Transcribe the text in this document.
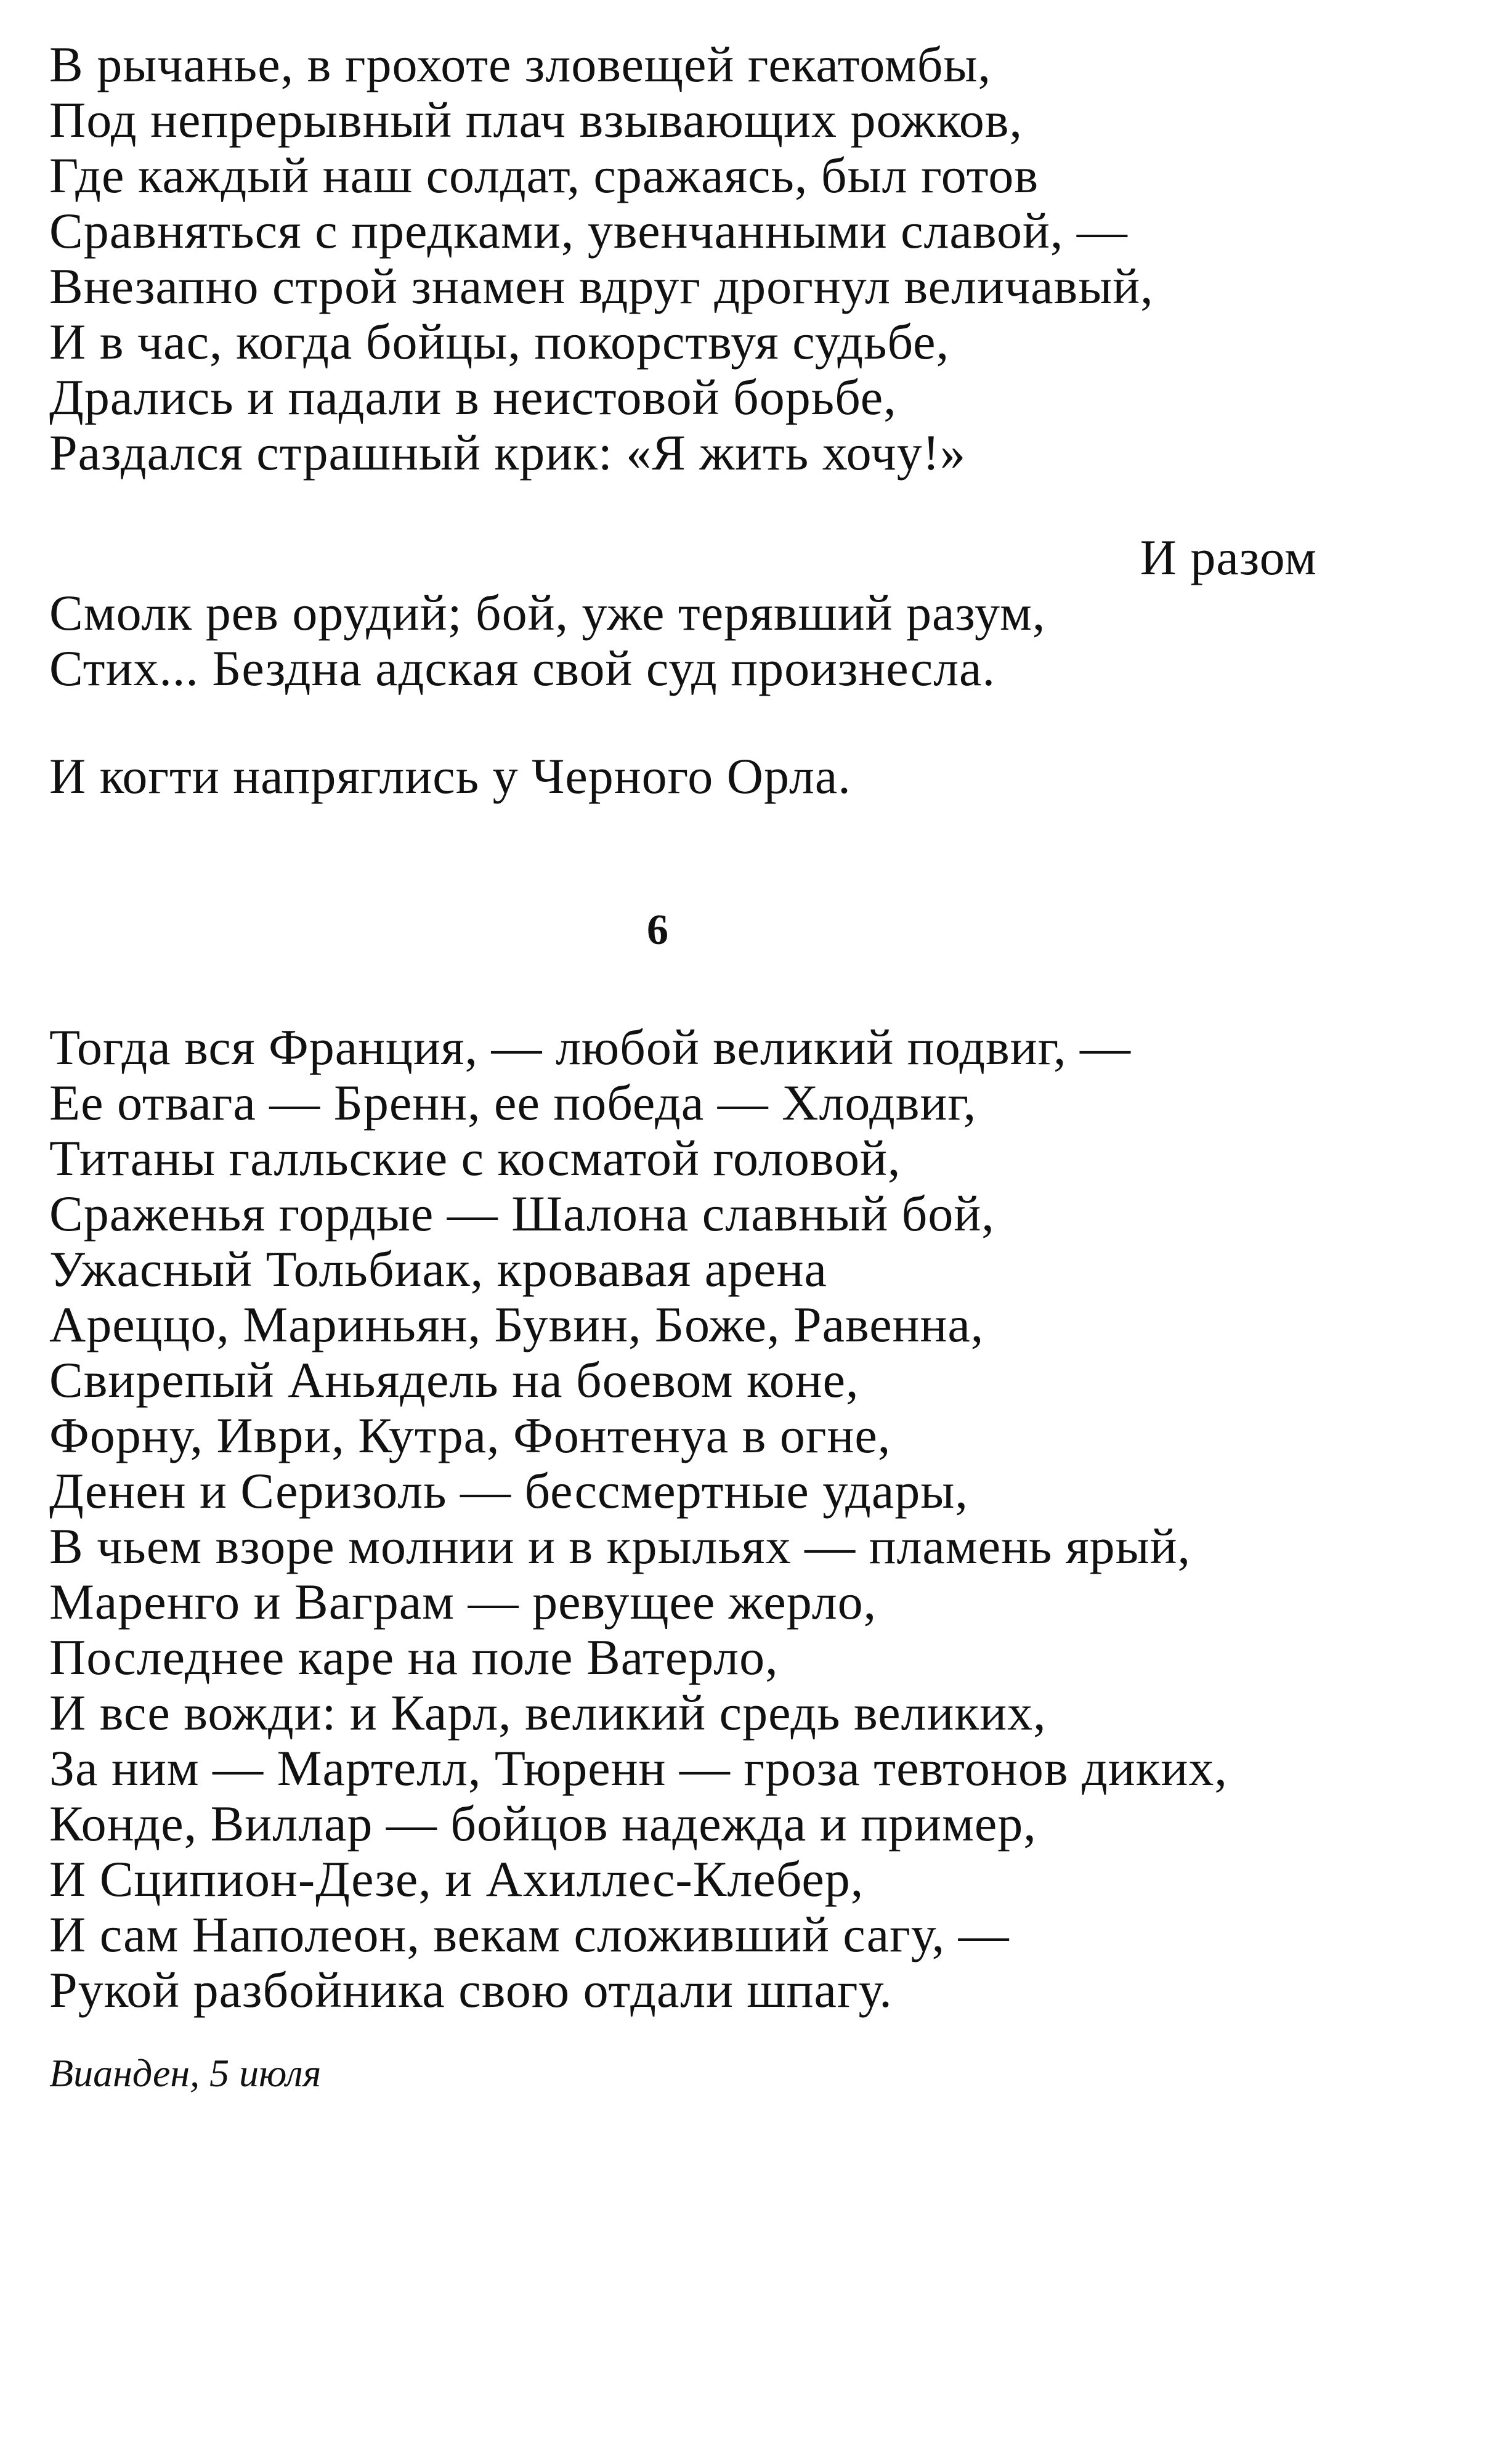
В рычанье, в грохоте зловещей гекатомбы,
Под непрерывный плач взывающих рожков,
Где каждый наш солдат, сражаясь, был готов
Сравняться с предками, увенчанными славой, —
Внезапно строй знамен вдруг дрогнул величавый,
И в час, когда бойцы, покорствуя судьбе,
Дрались и падали в неистовой борьбе,
Раздался страшный крик: «Я жить хочу!»
И разом
Смолк рев орудий; бой, уже терявший разум,
Стих... Бездна адская свой суд произнесла.
И когти напряглись у Черного Орла.
6
Тогда вся Франция, — любой великий подвиг, —
Ее отвага — Бренн, ее победа — Хлодвиг,
Титаны галльские с косматой головой,
Сраженья гордые — Шалона славный бой,
Ужасный Тольбиак, кровавая арена
Ареццо, Мариньян, Бувин, Боже, Равенна,
Свирепый Аньядель на боевом коне,
Форну, Иври, Кутра, Фонтенуа в огне,
Денен и Серизоль — бессмертные удары,
В чьем взоре молнии и в крыльях — пламень ярый,
Маренго и Ваграм — ревущее жерло,
Последнее каре на поле Ватерло,
И все вожди: и Карл, великий средь великих,
За ним — Мартелл, Тюренн — гроза тевтонов диких,
Конде, Виллар — бойцов надежда и пример,
И Сципион-Дезе, и Ахиллес-Клебер,
И сам Наполеон, векам сложивший сагу, —
Рукой разбойника свою отдали шпагу.
Вианден, 5 июля
